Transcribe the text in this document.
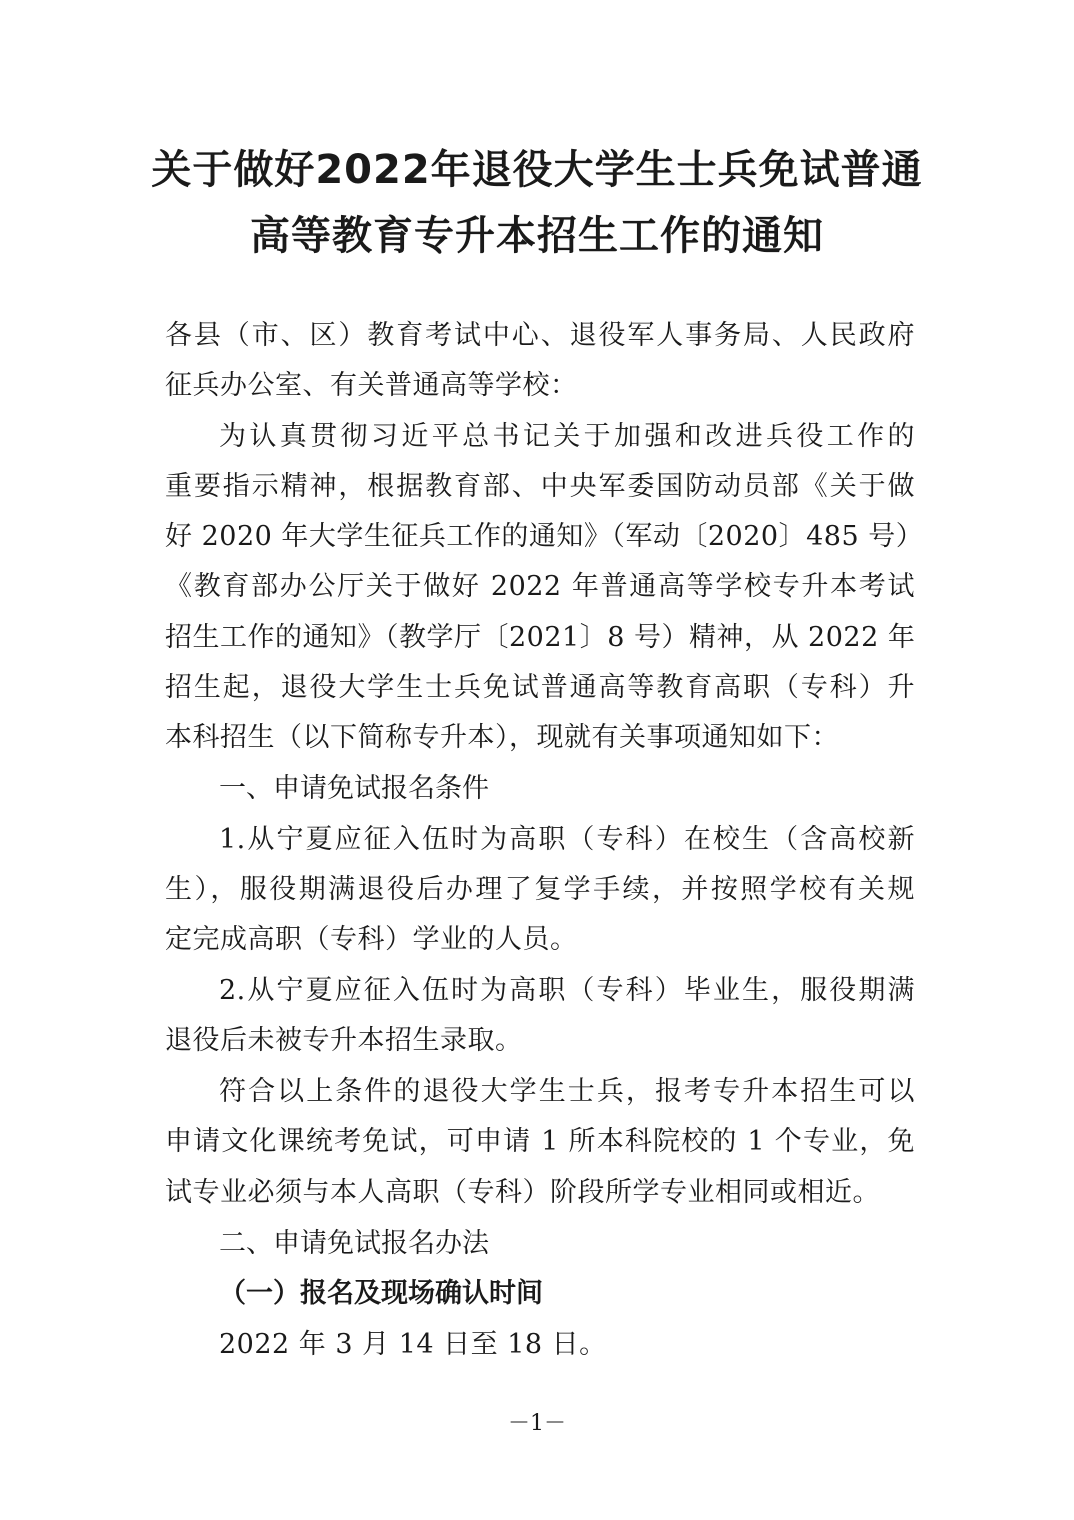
关于做好2022年退役大学生士兵免试普通
高等教育专升本招生工作的通知
各县（市、区）教育考试中心、退役军人事务局、人民政府
征兵办公室、有关普通高等学校：
为认真贯彻习近平总书记关于加强和改进兵役工作的
重要指示精神，根据教育部、中央军委国防动员部《关于做
好 2020 年大学生征兵工作的通知》（军动〔2020〕485 号）
《教育部办公厅关于做好 2022 年普通高等学校专升本考试
招生工作的通知》（教学厅〔2021〕8 号）精神，从 2022 年
招生起，退役大学生士兵免试普通高等教育高职（专科）升
本科招生（以下简称专升本），现就有关事项通知如下：
一、申请免试报名条件
1.从宁夏应征入伍时为高职（专科）在校生（含高校新
生），服役期满退役后办理了复学手续，并按照学校有关规
定完成高职（专科）学业的人员。
2.从宁夏应征入伍时为高职（专科）毕业生，服役期满
退役后未被专升本招生录取。
符合以上条件的退役大学生士兵，报考专升本招生可以
申请文化课统考免试，可申请 1 所本科院校的 1 个专业，免
试专业必须与本人高职（专科）阶段所学专业相同或相近。
二、申请免试报名办法
（一）报名及现场确认时间
2022 年 3 月 14 日至 18 日。
－1－
